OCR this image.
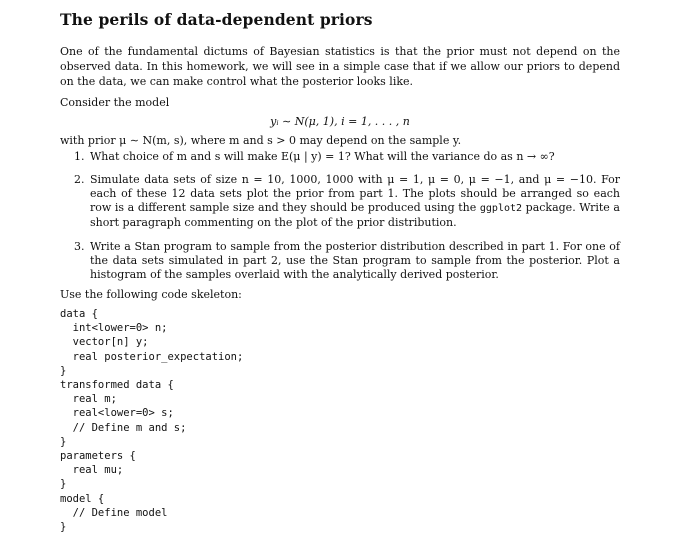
The perils of data-dependent priors
One of the fundamental dictums of Bayesian statistics is that the prior must not depend on the observed data. In this homework, we will see in a simple case that if we allow our priors to depend on the data, we can make control what the posterior looks like.
Consider the model
yᵢ ∼ N(μ, 1), i = 1, . . . , n
with prior μ ∼ N(m, s), where m and s > 0 may depend on the sample y.
1. What choice of m and s will make E(μ | y) = 1? What will the variance do as n → ∞?
2. Simulate data sets of size n = 10, 1000, 1000 with μ = 1, μ = 0, μ = −1, and μ = −10. For each of these 12 data sets plot the prior from part 1. The plots should be arranged so each row is a different sample size and they should be produced using the ggplot2 package. Write a short paragraph commenting on the plot of the prior distribution.
3. Write a Stan program to sample from the posterior distribution described in part 1. For one of the data sets simulated in part 2, use the Stan program to sample from the posterior. Plot a histogram of the samples overlaid with the analytically derived posterior.
Use the following code skeleton:
data {
int<lower=0> n;
vector[n] y;
real posterior_expectation;
}
transformed data {
real m;
real<lower=0> s;
// Define m and s;
}
parameters {
real mu;
}
model {
// Define model
}
